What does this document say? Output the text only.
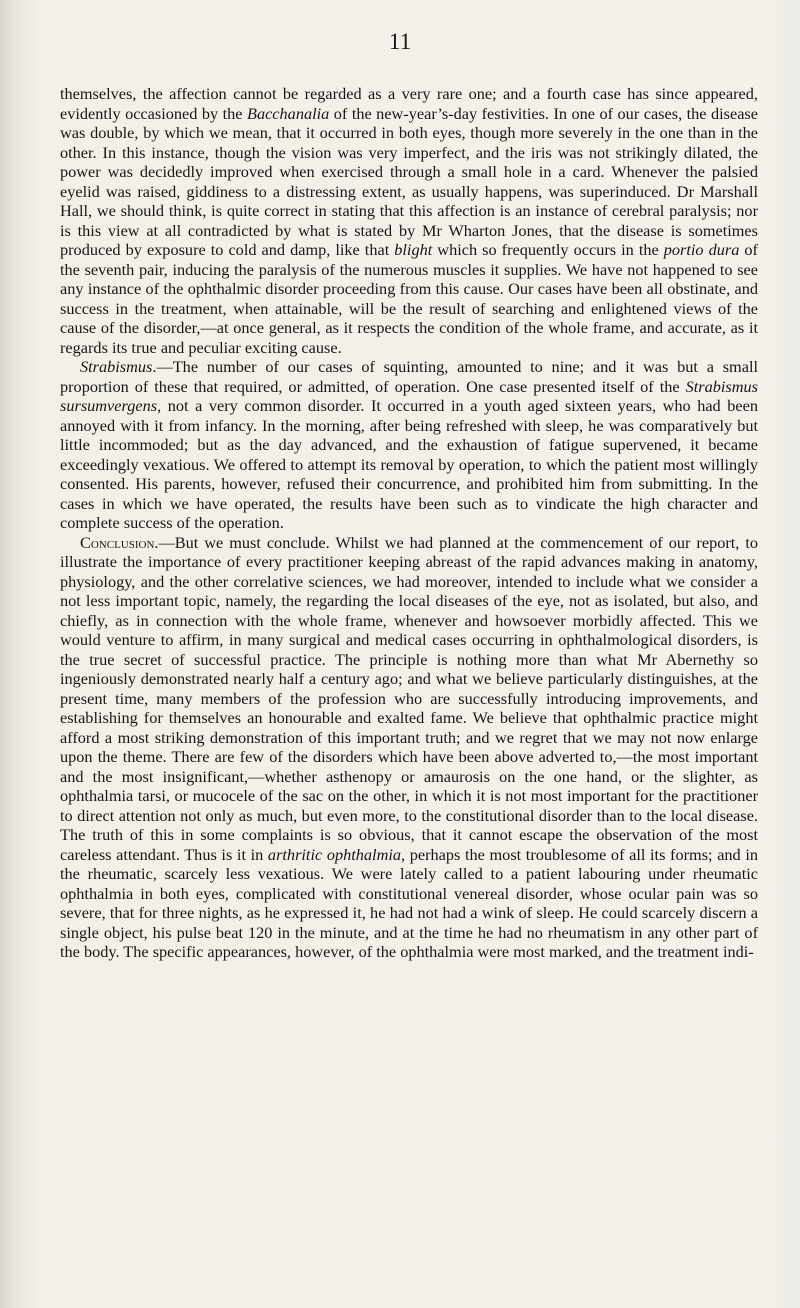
11

themselves, the affection cannot be regarded as a very rare one; and a fourth case has since appeared, evidently occasioned by the Bacchanalia of the new-year’s-day festivities. In one of our cases, the disease was double, by which we mean, that it occurred in both eyes, though more severely in the one than in the other. In this instance, though the vision was very imperfect, and the iris was not strikingly dilated, the power was decidedly improved when exercised through a small hole in a card. Whenever the palsied eyelid was raised, giddiness to a distressing extent, as usually happens, was superinduced. Dr Marshall Hall, we should think, is quite correct in stating that this affection is an instance of cerebral paralysis; nor is this view at all contradicted by what is stated by Mr Wharton Jones, that the disease is sometimes produced by exposure to cold and damp, like that blight which so frequently occurs in the portio dura of the seventh pair, inducing the paralysis of the numerous muscles it supplies. We have not happened to see any instance of the ophthalmic disorder proceeding from this cause. Our cases have been all obstinate, and success in the treatment, when attainable, will be the result of searching and enlightened views of the cause of the disorder,—at once general, as it respects the condition of the whole frame, and accurate, as it regards its true and peculiar exciting cause.

Strabismus.—The number of our cases of squinting, amounted to nine; and it was but a small proportion of these that required, or admitted, of operation. One case presented itself of the Strabismus sursumvergens, not a very common disorder. It occurred in a youth aged sixteen years, who had been annoyed with it from infancy. In the morning, after being refreshed with sleep, he was comparatively but little incommoded; but as the day advanced, and the exhaustion of fatigue supervened, it became exceedingly vexatious. We offered to attempt its removal by operation, to which the patient most willingly consented. His parents, however, refused their concurrence, and prohibited him from submitting. In the cases in which we have operated, the results have been such as to vindicate the high character and complete success of the operation.

Conclusion.—But we must conclude. Whilst we had planned at the commencement of our report, to illustrate the importance of every practitioner keeping abreast of the rapid advances making in anatomy, physiology, and the other correlative sciences, we had moreover, intended to include what we consider a not less important topic, namely, the regarding the local diseases of the eye, not as isolated, but also, and chiefly, as in connection with the whole frame, whenever and howsoever morbidly affected. This we would venture to affirm, in many surgical and medical cases occurring in ophthalmological disorders, is the true secret of successful practice. The principle is nothing more than what Mr Abernethy so ingeniously demonstrated nearly half a century ago; and what we believe particularly distinguishes, at the present time, many members of the profession who are successfully introducing improvements, and establishing for themselves an honourable and exalted fame. We believe that ophthalmic practice might afford a most striking demonstration of this important truth; and we regret that we may not now enlarge upon the theme. There are few of the disorders which have been above adverted to,—the most important and the most insignificant,—whether asthenopy or amaurosis on the one hand, or the slighter, as ophthalmia tarsi, or mucocele of the sac on the other, in which it is not most important for the practitioner to direct attention not only as much, but even more, to the constitutional disorder than to the local disease. The truth of this in some complaints is so obvious, that it cannot escape the observation of the most careless attendant. Thus is it in arthritic ophthalmia, perhaps the most troublesome of all its forms; and in the rheumatic, scarcely less vexatious. We were lately called to a patient labouring under rheumatic ophthalmia in both eyes, complicated with constitutional venereal disorder, whose ocular pain was so severe, that for three nights, as he expressed it, he had not had a wink of sleep. He could scarcely discern a single object, his pulse beat 120 in the minute, and at the time he had no rheumatism in any other part of the body. The specific appearances, however, of the ophthalmia were most marked, and the treatment indi-
